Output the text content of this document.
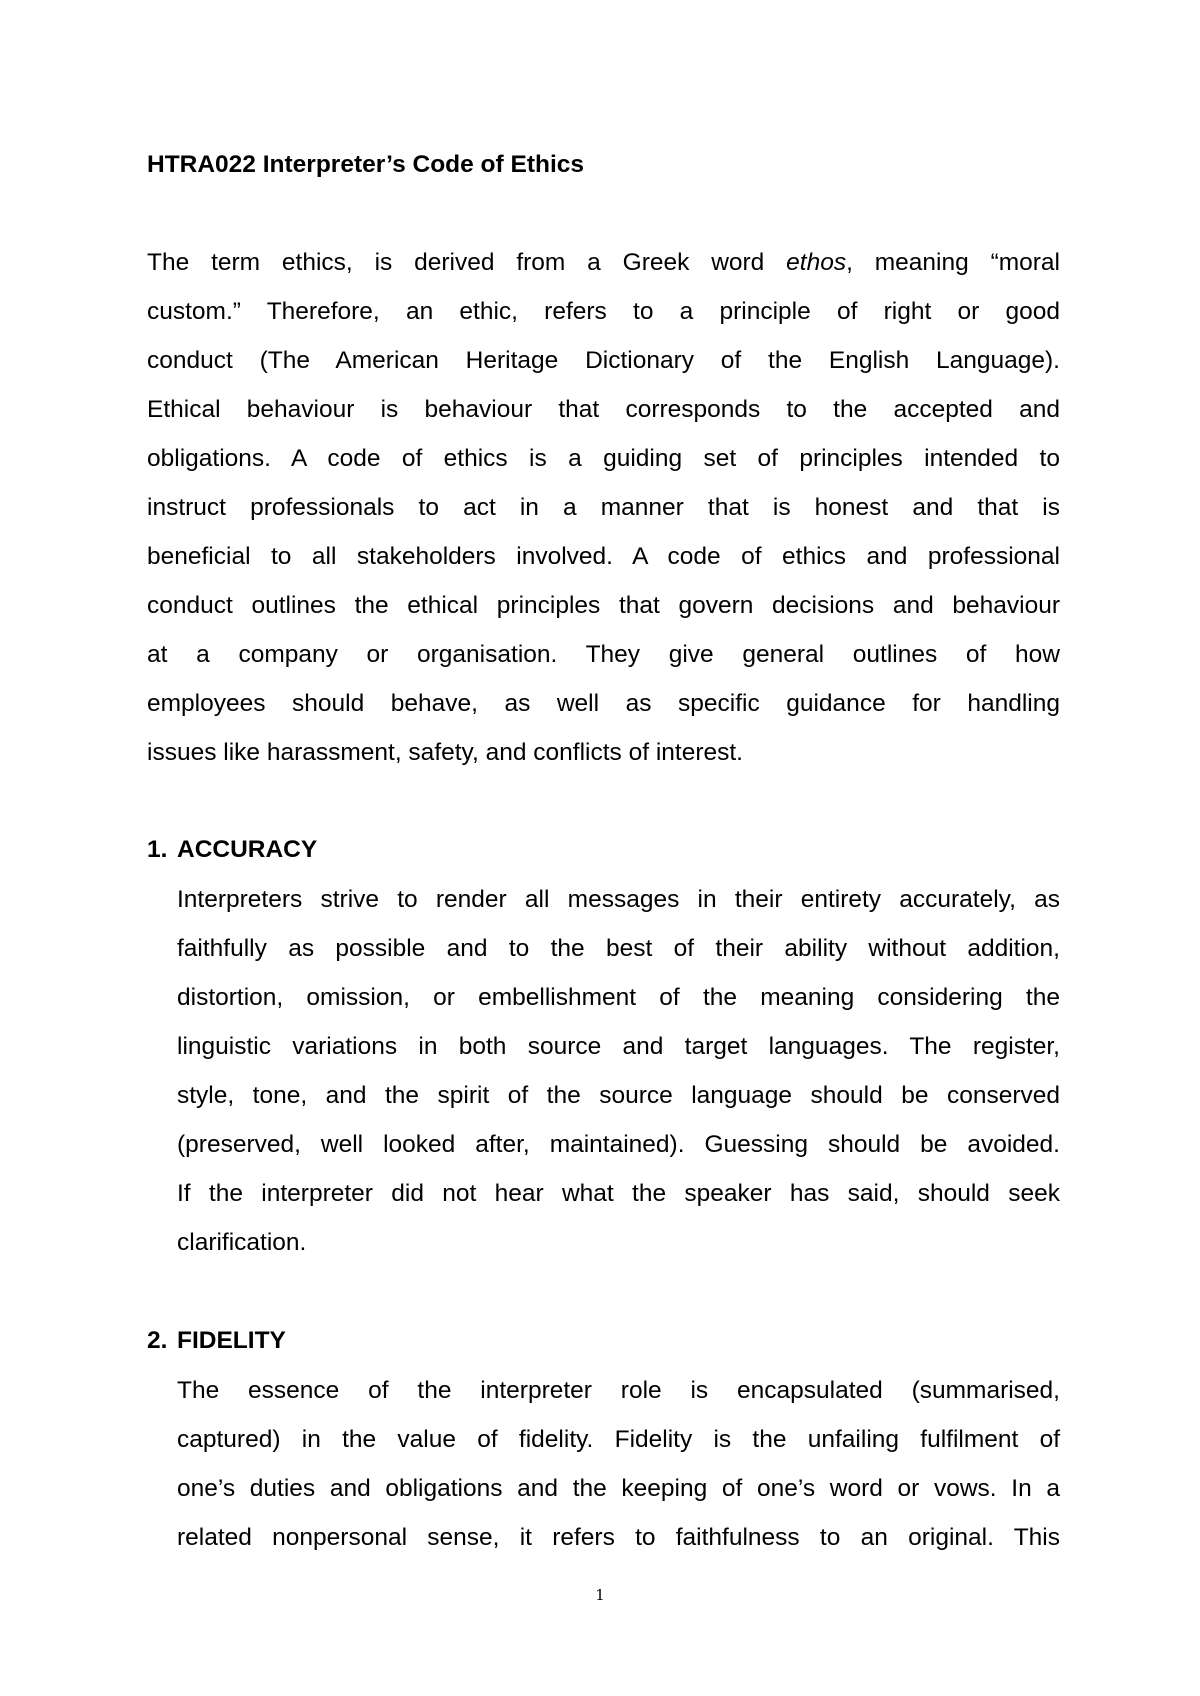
HTRA022 Interpreter’s Code of Ethics
The term ethics, is derived from a Greek word ethos, meaning “moral
custom.” Therefore, an ethic, refers to a principle of right or good
conduct (The American Heritage Dictionary of the English Language).
Ethical behaviour is behaviour that corresponds to the accepted and
obligations. A code of ethics is a guiding set of principles intended to
instruct professionals to act in a manner that is honest and that is
beneficial to all stakeholders involved. A code of ethics and professional
conduct outlines the ethical principles that govern decisions and behaviour
at a company or organisation. They give general outlines of how
employees should behave, as well as specific guidance for handling
issues like harassment, safety, and conflicts of interest.
1. ACCURACY
Interpreters strive to render all messages in their entirety accurately, as
faithfully as possible and to the best of their ability without addition,
distortion, omission, or embellishment of the meaning considering the
linguistic variations in both source and target languages. The register,
style, tone, and the spirit of the source language should be conserved
(preserved, well looked after, maintained). Guessing should be avoided.
If the interpreter did not hear what the speaker has said, should seek
clarification.
2. FIDELITY
The essence of the interpreter role is encapsulated (summarised,
captured) in the value of fidelity. Fidelity is the unfailing fulfilment of
one’s duties and obligations and the keeping of one’s word or vows. In a
related nonpersonal sense, it refers to faithfulness to an original. This
1
